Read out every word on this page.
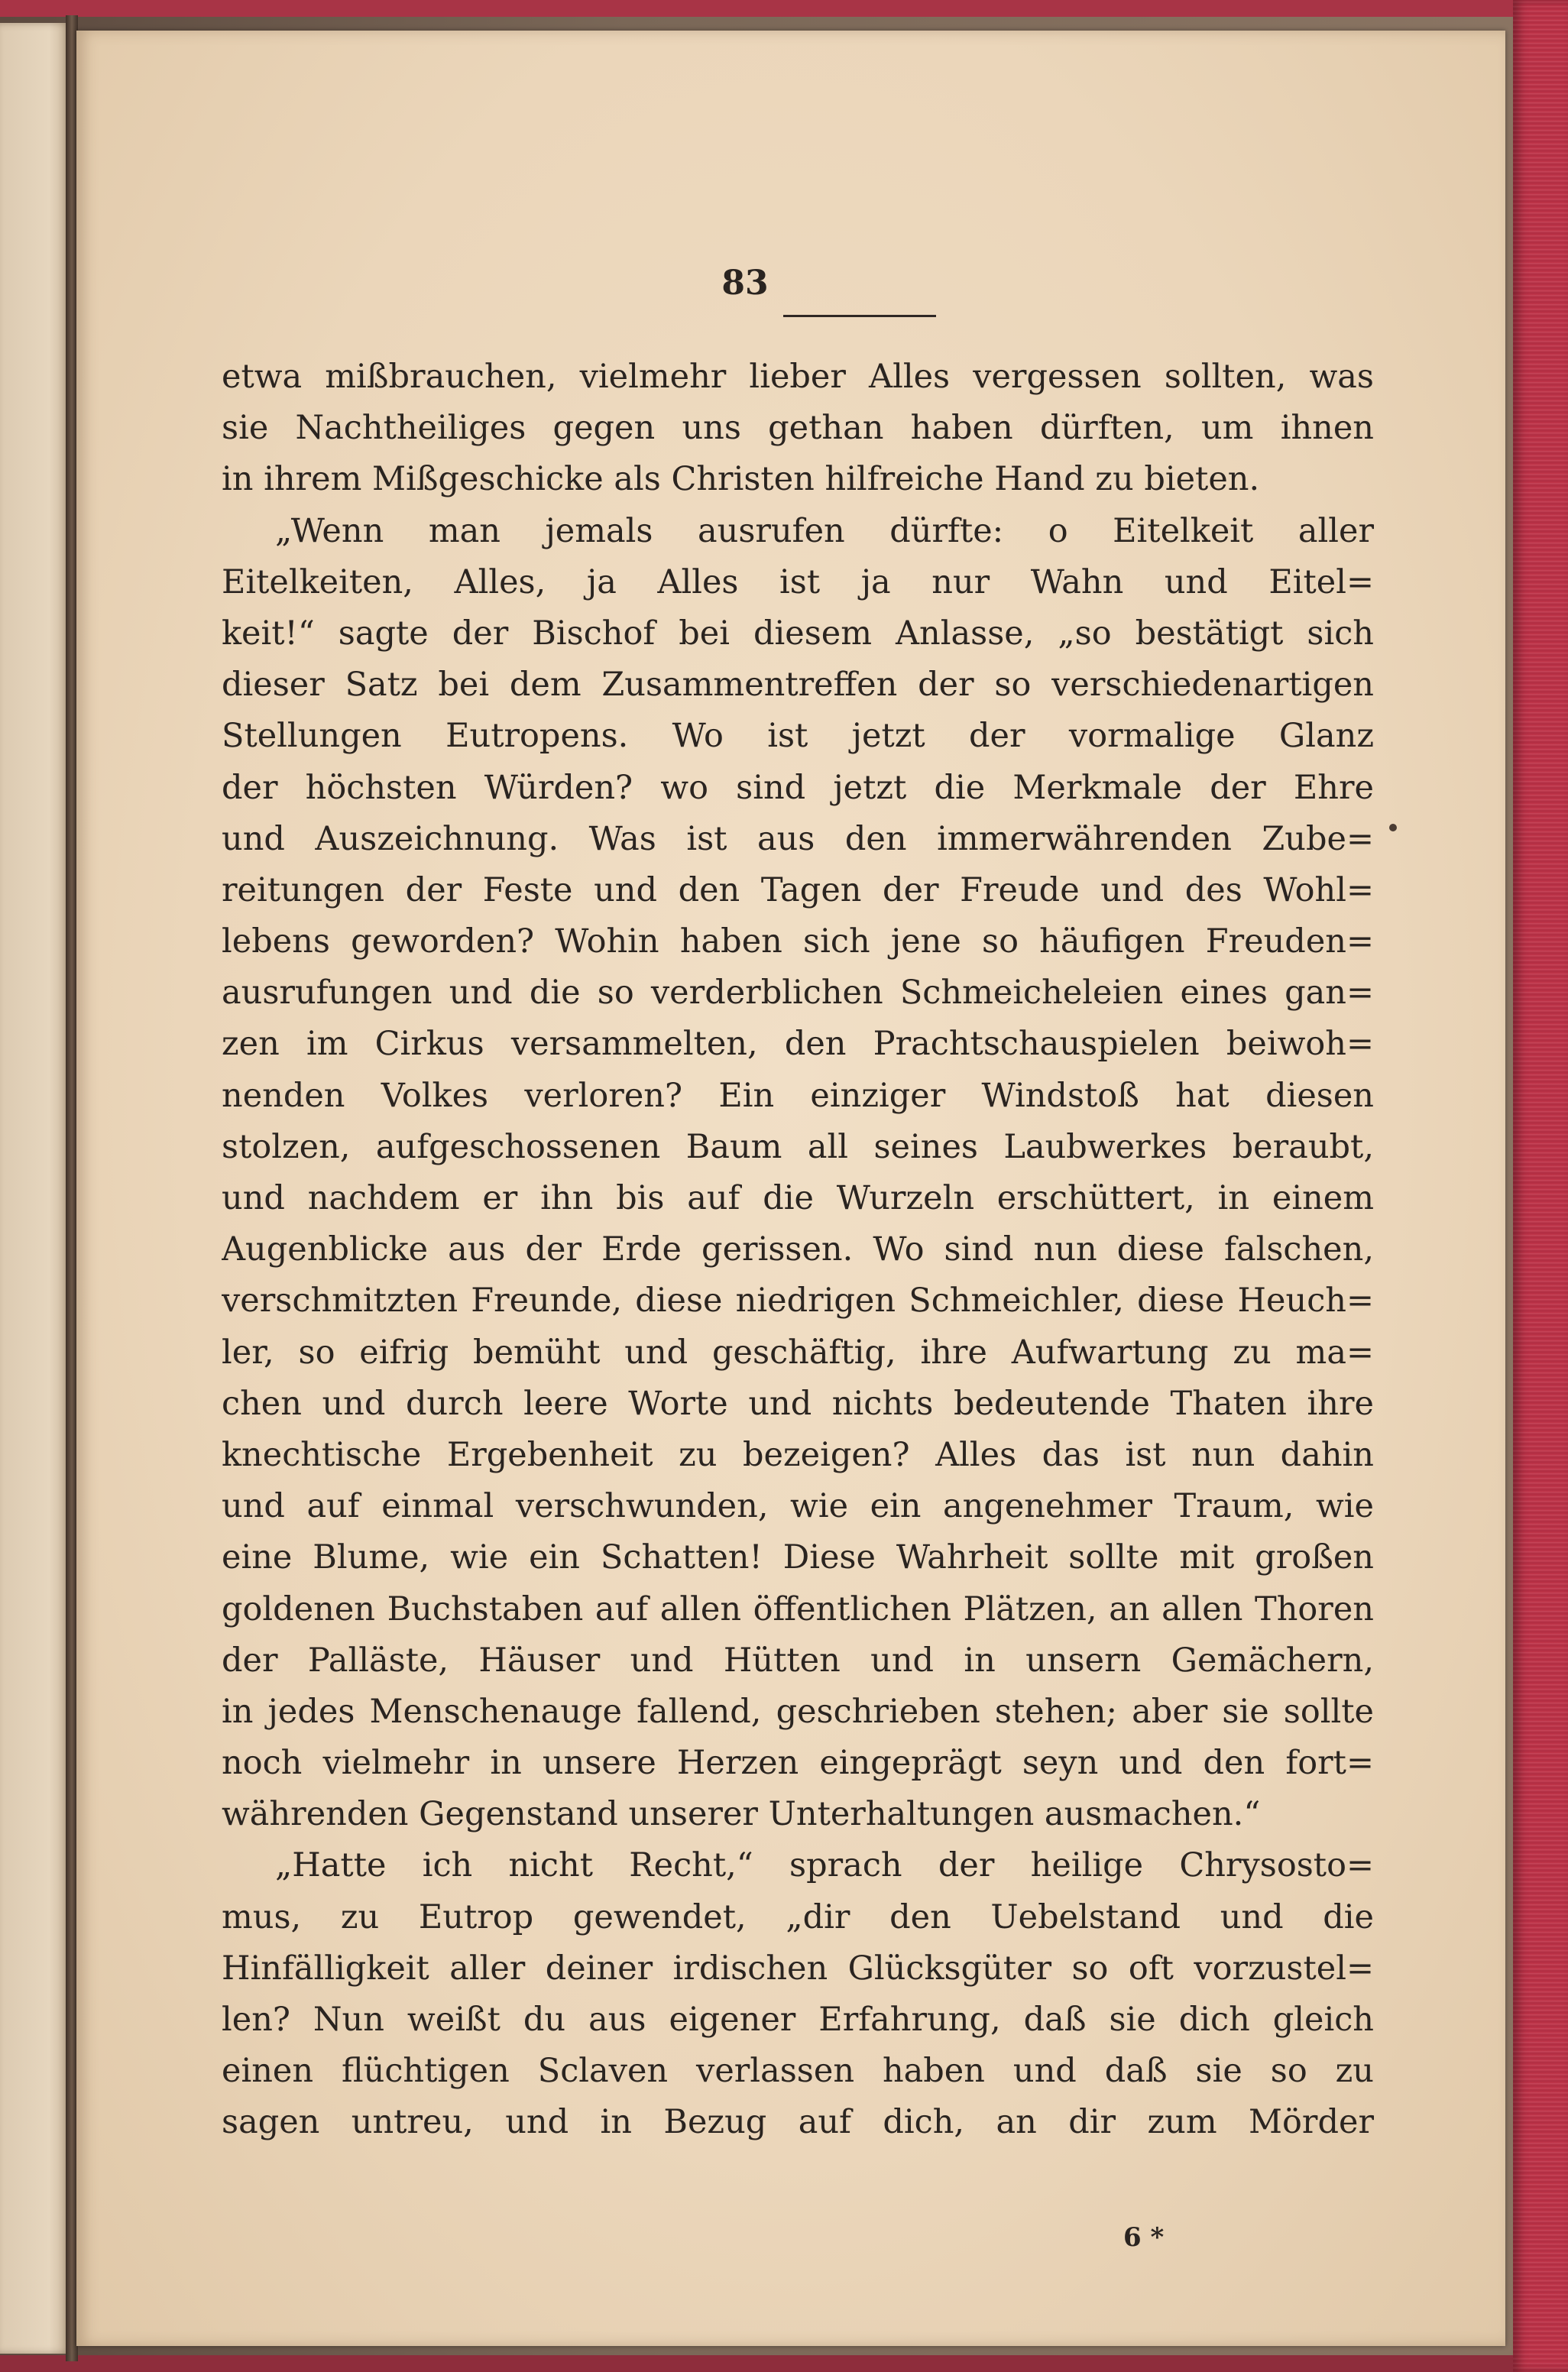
83
etwa mißbrauchen, vielmehr lieber Alles vergessen sollten, was
sie Nachtheiliges gegen uns gethan haben dürften, um ihnen
in ihrem Mißgeschicke als Christen hilfreiche Hand zu bieten.
„Wenn man jemals ausrufen dürfte: o Eitelkeit aller
Eitelkeiten, Alles, ja Alles ist ja nur Wahn und Eitel=
keit!“ sagte der Bischof bei diesem Anlasse, „so bestätigt sich
dieser Satz bei dem Zusammentreffen der so verschiedenartigen
Stellungen Eutropens. Wo ist jetzt der vormalige Glanz
der höchsten Würden? wo sind jetzt die Merkmale der Ehre
und Auszeichnung. Was ist aus den immerwährenden Zube=
reitungen der Feste und den Tagen der Freude und des Wohl=
lebens geworden? Wohin haben sich jene so häufigen Freuden=
ausrufungen und die so verderblichen Schmeicheleien eines gan=
zen im Cirkus versammelten, den Prachtschauspielen beiwoh=
nenden Volkes verloren? Ein einziger Windstoß hat diesen
stolzen, aufgeschossenen Baum all seines Laubwerkes beraubt,
und nachdem er ihn bis auf die Wurzeln erschüttert, in einem
Augenblicke aus der Erde gerissen. Wo sind nun diese falschen,
verschmitzten Freunde, diese niedrigen Schmeichler, diese Heuch=
ler, so eifrig bemüht und geschäftig, ihre Aufwartung zu ma=
chen und durch leere Worte und nichts bedeutende Thaten ihre
knechtische Ergebenheit zu bezeigen? Alles das ist nun dahin
und auf einmal verschwunden, wie ein angenehmer Traum, wie
eine Blume, wie ein Schatten! Diese Wahrheit sollte mit großen
goldenen Buchstaben auf allen öffentlichen Plätzen, an allen Thoren
der Palläste, Häuser und Hütten und in unsern Gemächern,
in jedes Menschenauge fallend, geschrieben stehen; aber sie sollte
noch vielmehr in unsere Herzen eingeprägt seyn und den fort=
währenden Gegenstand unserer Unterhaltungen ausmachen.“
„Hatte ich nicht Recht,“ sprach der heilige Chrysosto=
mus, zu Eutrop gewendet, „dir den Uebelstand und die
Hinfälligkeit aller deiner irdischen Glücksgüter so oft vorzustel=
len? Nun weißt du aus eigener Erfahrung, daß sie dich gleich
einen flüchtigen Sclaven verlassen haben und daß sie so zu
sagen untreu, und in Bezug auf dich, an dir zum Mörder
6 *
